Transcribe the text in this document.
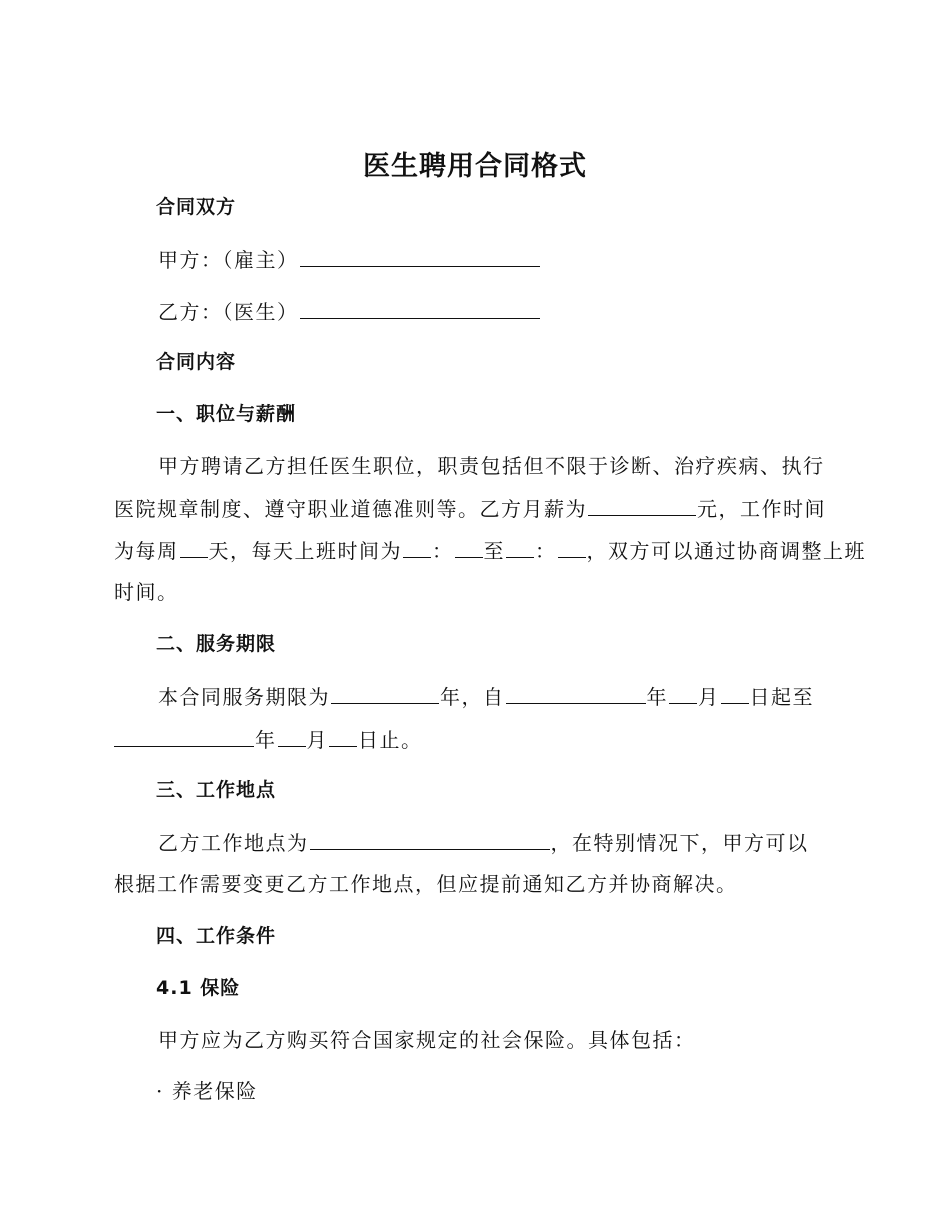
医生聘用合同格式
合同双方
甲方：（雇主）
乙方：（医生）
合同内容
一、职位与薪酬
甲方聘请乙方担任医生职位，职责包括但不限于诊断、治疗疾病、执行
医院规章制度、遵守职业道德准则等。乙方月薪为	元，工作时间
为每周 天，每天上班时间为 ： 至 ： ，双方可以通过协商调整上班
时间。
二、服务期限
本合同服务期限为	年，自	年 月 日起至
年 月 日止。
三、工作地点
乙方工作地点为	，在特别情况下，甲方可以
根据工作需要变更乙方工作地点，但应提前通知乙方并协商解决。
四、工作条件
4.1 保险
甲方应为乙方购买符合国家规定的社会保险。具体包括：
· 养老保险
